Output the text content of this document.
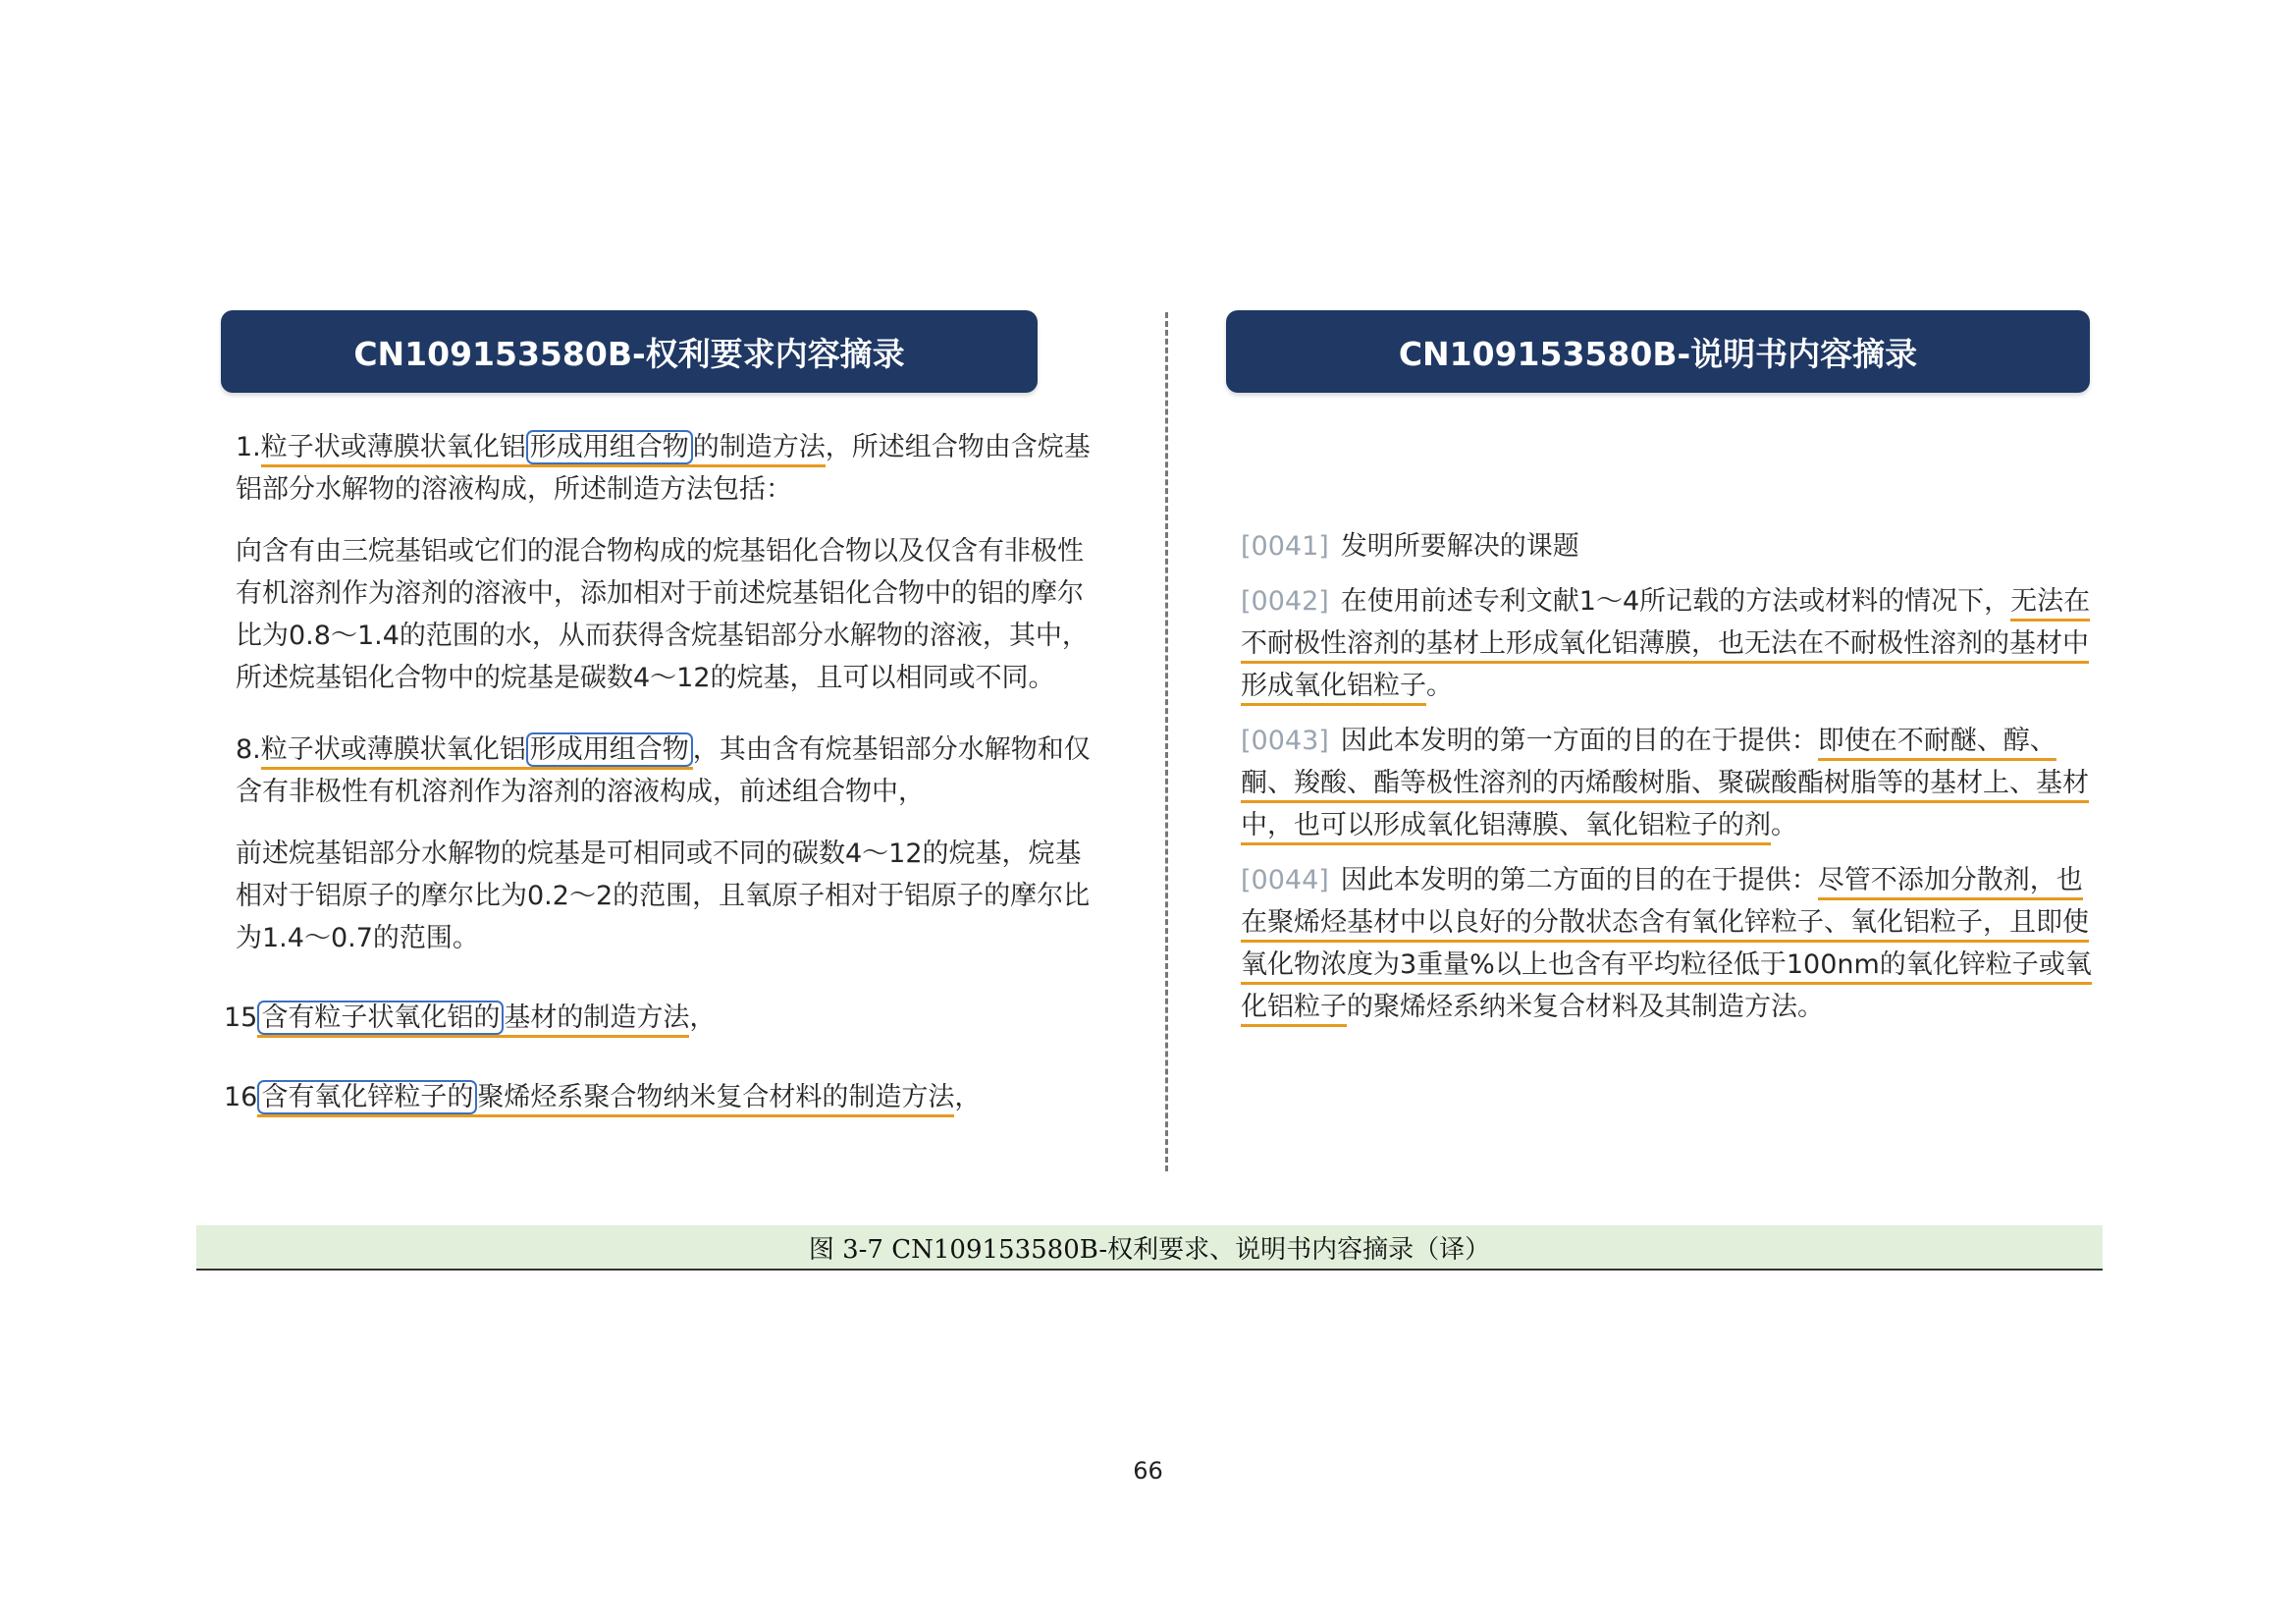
CN109153580B-权利要求内容摘录

1.粒子状或薄膜状氧化铝 形成用组合物 的制造方法，所述组合物由含烷基铝部分水解物的溶液构成，所述制造方法包括：

向含有由三烷基铝或它们的混合物构成的烷基铝化合物以及仅含有非极性有机溶剂作为溶剂的溶液中，添加相对于前述烷基铝化合物中的铝的摩尔比为0.8～1.4的范围的水，从而获得含烷基铝部分水解物的溶液，其中，所述烷基铝化合物中的烷基是碳数4～12的烷基，且可以相同或不同。

8.粒子状或薄膜状氧化铝 形成用组合物 ，其由含有烷基铝部分水解物和仅含有非极性有机溶剂作为溶剂的溶液构成，前述组合物中，

前述烷基铝部分水解物的烷基是可相同或不同的碳数4～12的烷基，烷基相对于铝原子的摩尔比为0.2～2的范围，且氧原子相对于铝原子的摩尔比为1.4～0.7的范围。

15 含有粒子状氧化铝的 基材的制造方法，

16 含有氧化锌粒子的 聚烯烃系聚合物纳米复合材料的制造方法，

CN109153580B-说明书内容摘录

[0041] 发明所要解决的课题

[0042] 在使用前述专利文献1～4所记载的方法或材料的情况下，无法在不耐极性溶剂的基材上形成氧化铝薄膜，也无法在不耐极性溶剂的基材中形成氧化铝粒子。

[0043] 因此本发明的第一方面的目的在于提供：即使在不耐醚、醇、酮、羧酸、酯等极性溶剂的丙烯酸树脂、聚碳酸酯树脂等的基材上、基材中，也可以形成氧化铝薄膜、氧化铝粒子的剂。

[0044] 因此本发明的第二方面的目的在于提供：尽管不添加分散剂，也在聚烯烃基材中以良好的分散状态含有氧化锌粒子、氧化铝粒子，且即使氧化物浓度为3重量%以上也含有平均粒径低于100nm的氧化锌粒子或氧化铝粒子的聚烯烃系纳米复合材料及其制造方法。

图 3-7 CN109153580B-权利要求、说明书内容摘录（译）
66
